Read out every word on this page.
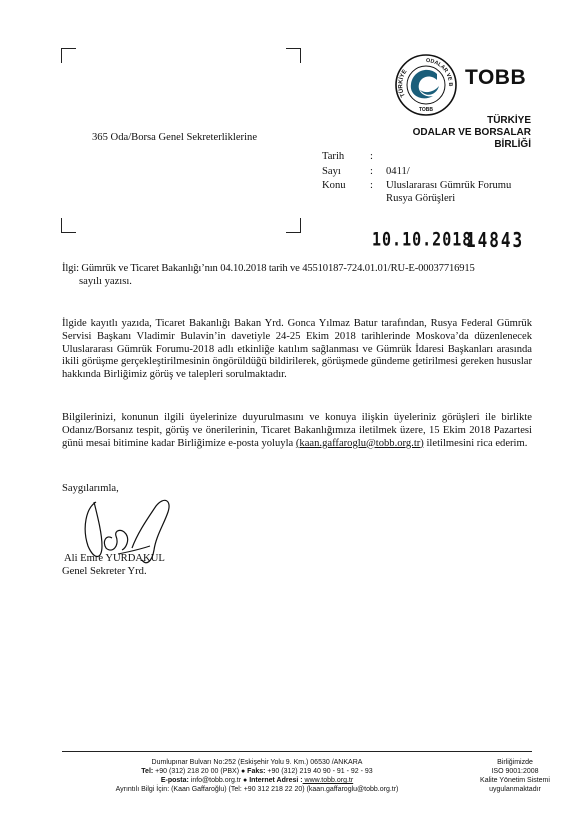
TÜRKİYE
ODALAR VE B
TOBB
TOBB
TÜRKİYE
ODALAR VE BORSALAR
BİRLİĞİ
365 Oda/Borsa Genel Sekreterliklerine
Tarih	:
Sayı	:	0411/
Konu	:	Uluslararası Gümrük Forumu
Rusya Görüşleri
10.10.2018
14843
İlgi: Gümrük ve Ticaret Bakanlığı’nın 04.10.2018 tarih ve 45510187-724.01.01/RU-E-00037716915
sayılı yazısı.
İlgide kayıtlı yazıda, Ticaret Bakanlığı Bakan Yrd. Gonca Yılmaz Batur tarafından, Rusya Federal Gümrük Servisi Başkanı Vladimir Bulavin’in davetiyle 24-25 Ekim 2018 tarihlerinde Moskova’da düzenlenecek Uluslararası Gümrük Forumu-2018 adlı etkinliğe katılım sağlanması ve Gümrük İdaresi Başkanları arasında ikili görüşme gerçekleştirilmesinin öngörüldüğü bildirilerek, görüşmede gündeme getirilmesi gereken hususlar hakkında Birliğimiz görüş ve talepleri sorulmaktadır.
Bilgilerinizi, konunun ilgili üyelerinize duyurulmasını ve konuya ilişkin üyeleriniz görüşleri ile birlikte Odanız/Borsanız tespit, görüş ve önerilerinin, Ticaret Bakanlığımıza iletilmek üzere, 15 Ekim 2018 Pazartesi günü mesai bitimine kadar Birliğimize e-posta yoluyla (kaan.gaffaroglu@tobb.org.tr) iletilmesini rica ederim.
Saygılarımla,
Ali Emre YURDAKUL
Genel Sekreter Yrd.
Dumlupınar Bulvarı No:252 (Eskişehir Yolu 9. Km.) 06530 /ANKARA
Tel: +90 (312) 218 20 00 (PBX) ● Faks: +90 (312) 219 40 90 - 91 - 92 - 93
E-posta: info@tobb.org.tr ● Internet Adresi : www.tobb.org.tr
Ayrıntılı Bilgi İçin: (Kaan Gaffaroğlu) (Tel: +90 312 218 22 20) (kaan.gaffaroglu@tobb.org.tr)
Birliğimizde
ISO 9001:2008
Kalite Yönetim Sistemi
uygulanmaktadır
